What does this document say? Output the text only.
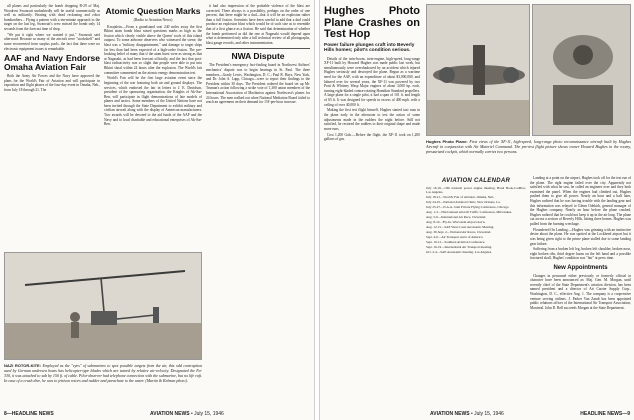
all planes and particularly the bomb dropping B-29 of Maj. Woodrow Swancutt undoubtedly will be useful commercially as well as militarily. Beating with dead reckoning and robot bombardiers... Flying a pattern with a ten-minute approach to the target on the last leg, Swancutt's crew missed the bomb only 14 seconds from the forecast time of drop.

"We put it right where we wanted it put," Swancutt said afterward. Because so many of the aircraft were "stockshelf" and some reconverted from surplus pools, the fact that there were no electronic equipment issues is remarkable.

AAF and Navy Endorse Omaha Aviation Fair

Both the Army Air Forces and the Navy have approved the plans for the World's Fair of Aviation and will participate in exposition and flight phases of the four-day event in Omaha, Neb., from July 18 through 21. The

Atomic Question Marks
(Radio to Aviation News)

Kwajalein.—From a grandstand seat 240 miles away the first Bikini atom bomb blast raised questions marks as high as the fission which clearly visible above the Queen' roofs of this island outpost. To some airborne observers who witnessed the scene, the blast was a "military disappointment," and damage to target ships far less than had been expected of a high-order fission. The pre-booking belief of many that if the atom burst were as strong as that at Nagasaki, as had been forecast officially, and the fact that post-blast radioactivity was so slight that people were able to put into Bikini shoal within 24 hours after the explosion. The World's fair committee commented on the atomic energy demonstration test.

World's Fair will be the first large aviation event since the beginning of the war featuring both air and ground displays. The services, which endorsed the fair in letters to J. E. Davidson, president of the sponsoring organization, the Knights of Ak-Sar-Ben, will participate in flight demonstrations of late models of planes and tactics. Some members of the United Nations have not been invited through the State Department to exhibit military and civilian aircraft along with the display of American manufacturers. Two awards will be devoted to the aid funds of the AAF and the Navy and to local charitable and educational enterprises of Ak-Sar-Ben.

it had also impression of the probable violence of the blast are corrected. There always is a possibility, perhaps on the order of one percent, that there might be a dud—that it will be an explosion rather than a full fission. Scientists have been careful to add that a dud could produce an explosion blast which would be of such size as to resemble that of a first glance as a fission. He said that determination of whether the bomb performed as did the one at Nagasaki would depend upon what is determined only after a full technical review of all photographs, blast gauge records, and other instrumentation.

NWA Dispute

The President's emergency fact-finding board in Northwest Airlines' mechanics' dispute was to begin hearings in St. Paul. The three members—Grady Lewis, Washington, D. C.; Paul R. Hays, New York, and Dr. John A. Lapp, Chicago—were to report their findings to the President within 30 days. The President ordered the board set up Mr. Truman's action following a strike vote of 1,300 union members of the International Association of Machinists against Northwest's planes for 24 hours. The men walked out when National Mediation Board failed to reach an agreement on their demand for 15¢-per-hour increase.

NAZI ROTOR-KITE: Employed as the "eyes" of submarines to spot possible targets from the air, this odd contraption used by German undersea boats has helicopter-type blades which are turned by relative air-velocity. Designated the Fa-330, it was attached to sub by 150 ft. of cable. Pilot-observer had telephone connection with the submarine, but no life raft. In case of a crash dive, he was to jettison rotors and rudder and parachute to the water. (Martin & Kelman photo).
8—HEADLINE NEWS	AVIATION NEWS • July 15, 1946
Hughes Photo Plane Crashes on Test Hop
Power failure plunges craft into Beverly Hills homes; pilot's condition serious.

Details of the twin-boom, twin-engine, high-speed, long-range XF-11 built by Howard Hughes was made public last week, but simultaneously were overshadowed by an accident which injured Hughes seriously and destroyed the plane. Begun as a wartime need for the AAF, with an expenditure of about $3,000,000, and labored over for several years, the XF-11 was powered by two Pratt & Whitney Wasp Major engines of about 3,000 hp. each, turning eight-bladed contra-rotating Hamilton Standard propellers. A large plane for a single pilot, it had a span of 101 ft. and length of 65 ft. It was designed for speeds in excess of 400 mph. with a ceiling of over 40,000 ft.

Making the first test flight himself, Hughes started taxi runs in the plane early in the afternoon to test the action of some adjustments made in the rudders the night before. Still not satisfied, he restored the rudders to their original shape and made more runs.

Cost 1,200 Gals.—Before the flight, the XF-11 took on 1,200 gallons of gas.	Hughes Photo Plane: First views of the XF-11, high-speed, long-range photo reconnaissance aircraft built by Hughes Aircraft in conjunction with Air Materiel Command. The pre-test flight picture shows owner Howard Hughes in the roomy, pressurized cockpit, which normally carries two persons.
AVIATION CALENDAR
July 16-19—13th national power engine meeting, Hotel Book-Cadillac, Los Angeles.
July 18-21—World's Fair of Aviation, Omaha, Neb.
July 24-25—National Aviation Clinic, New Orleans, La.
July 25-27—N.A.A. Joint Private Flying Conference, Chicago.
Aug. 1-3—Third annual Aircraft Traffic Conference, Milwaukee.
Aug. 5-6—International Air Race, Cleveland.
Aug. 8-10—Fly-In, Wisconsin Airport Ass'n.
Aug. 12-15—SAE West Coast Aeronautic Meeting.
Aug. 30-Sept. 2—National Air Races, Cleveland.
Sept. 4-6—Air Transport Ass'n of America.
Sept. 10-12—Southern Aviation Conference.
Sept. 16-19—International Air Transport meeting.
Oct. 2-4—SAE Aeronautic meeting, Los Angeles.

Landing at a point on the airport, Hughes took off for the test run of the plane. The right engine failed over the city. Apparently not satisfied with what he saw, he called an engineer over and they both examined the panel. When the engines had climbed out, Hughes pushed them to give all power. Nearly an hour and a half later, Hughes radioed that he was having trouble with the landing gear and this information was relayed to Glenn Odekirk, general manager of the Hughes company. Nearly an hour before the plane crashed, Hughes radioed that he could not keep it up in the air long. The plane cut across a section of Beverly Hills, hitting three homes. Hughes was pulled from the burning wreckage.

Floundered On Landing.—Hughes was grinning with an instinctive desire about the plane. He was spotted at the Lockheed airport but it was being given right to the prime plane stalled due to some landing gear failure.

Suffering from a broken left leg, broken left shoulder, broken nose, eight broken ribs, third degree burns on the left hand and a possible fractured skull, Hughes' condition was "fair" at press time.

New Appointments

Changes in personnel either previously or formerly official in character have been announced as: Maj. Gen. M. Morgan, until recently chief of the State Department's aviation division, has been named president and a director of Air Carrier Supply Corp., Washington, D. C., effective Aug. 1. The company is a cooperative venture serving airlines. J. Parker Van Zandt has been appointed public relations officer of the International Air Transport Association, Montreal. John D. Bell succeeds Morgan at the State Department.

AVIATION NEWS • July 15, 1946	HEADLINE NEWS—9
